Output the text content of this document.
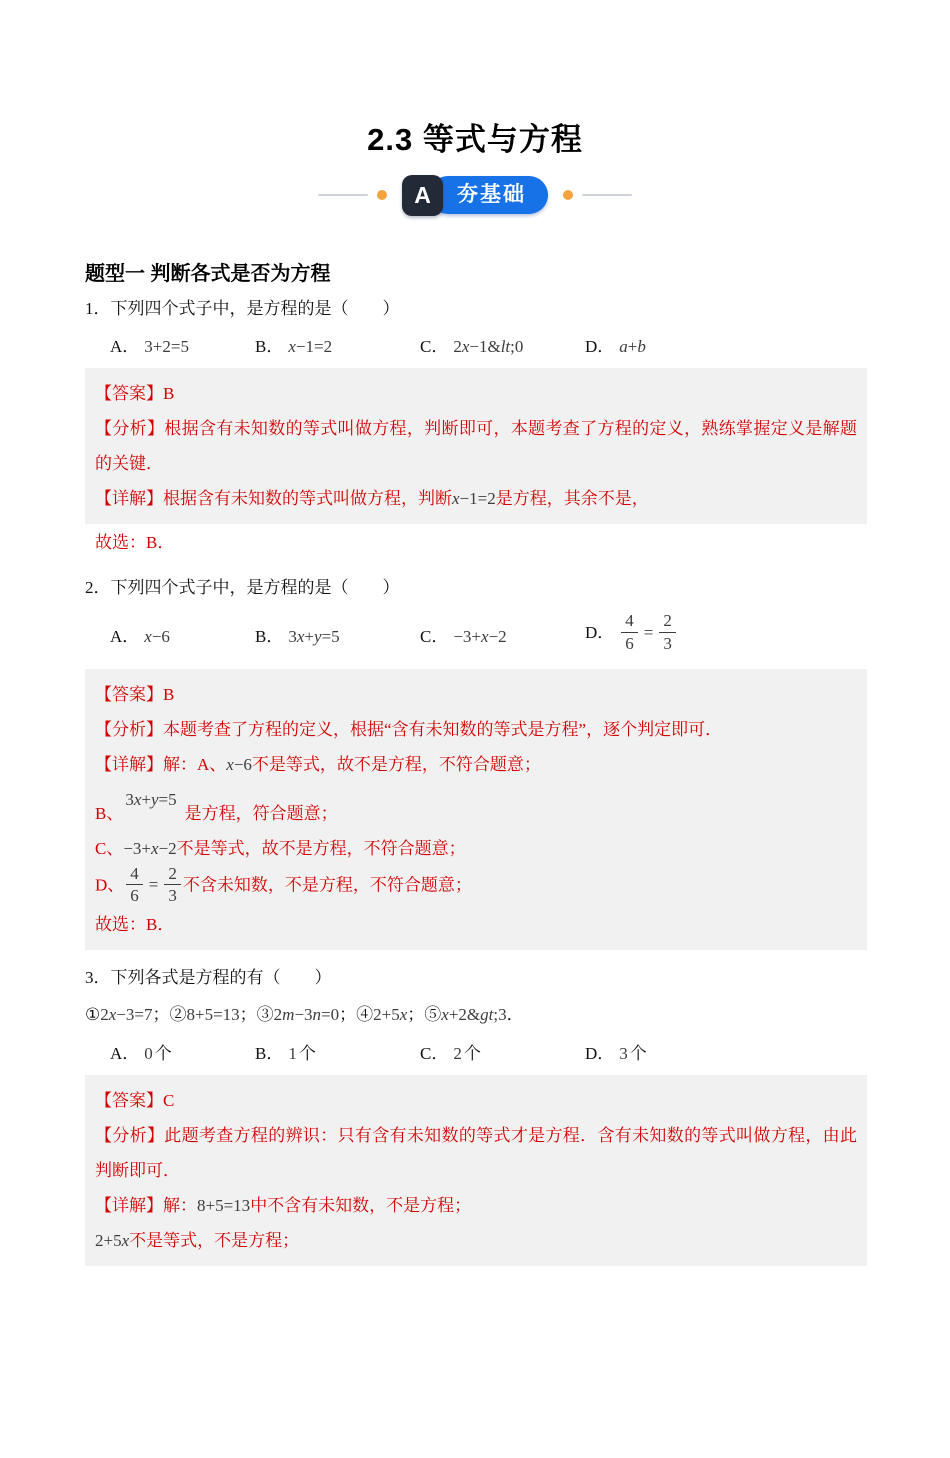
2.3 等式与方程
A	夯基础
题型一 判断各式是否为方程

1．下列四个式子中，是方程的是（　　）

A． 3+2=5	B． x−1=2	C． 2x−1&lt;0	D． a+b

【答案】B

【分析】根据含有未知数的等式叫做方程，判断即可，本题考查了方程的定义，熟练掌握定义是解题的关键．

【详解】根据含有未知数的等式叫做方程，判断x−1=2是方程，其余不是，

故选：B．

2．下列四个式子中，是方程的是（　　）

A． x−6	B． 3x+y=5	C． −3+x−2	D． $\frac{4}{6} = \frac{2}{3}$

【答案】B

【分析】本题考查了方程的定义，根据“含有未知数的等式是方程”，逐个判定即可．

【详解】解：A、x−6不是等式，故不是方程，不符合题意；

B、3x+y=5是方程，符合题意；

C、−3+x−2不是等式，故不是方程，不符合题意；

D、 $\frac{4}{6} = \frac{2}{3}$ 不含未知数，不是方程，不符合题意；

故选：B．

3．下列各式是方程的有（　　）

①2x−3=7；②8+5=13；③2m−3n=0；④2+5x；⑤x+2&gt;3．

A． 0 个	B． 1 个	C． 2 个	D． 3 个

【答案】C

【分析】此题考查方程的辨识：只有含有未知数的等式才是方程．含有未知数的等式叫做方程，由此判断即可．

【详解】解：8+5=13中不含有未知数，不是方程；

2+5x不是等式，不是方程；
